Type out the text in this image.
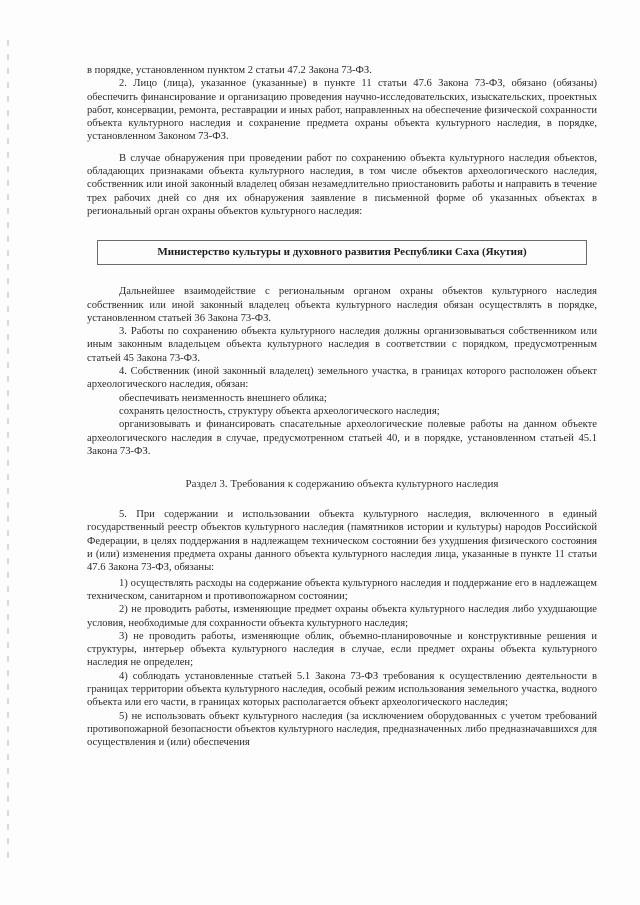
в порядке, установленном пунктом 2 статьи 47.2 Закона 73-ФЗ.

2. Лицо (лица), указанное (указанные) в пункте 11 статьи 47.6 Закона 73-ФЗ, обязано (обязаны) обеспечить финансирование и организацию проведения научно-исследовательских, изыскательских, проектных работ, консервации, ремонта, реставрации и иных работ, направленных на обеспечение физической сохранности объекта культурного наследия и сохранение предмета охраны объекта культурного наследия, в порядке, установленном Законом 73-ФЗ.

В случае обнаружения при проведении работ по сохранению объекта культурного наследия объектов, обладающих признаками объекта культурного наследия, в том числе объектов археологического наследия, собственник или иной законный владелец обязан незамедлительно приостановить работы и направить в течение трех рабочих дней со дня их обнаружения заявление в письменной форме об указанных объектах в региональный орган охраны объектов культурного наследия:

Министерство культуры и духовного развития Республики Саха (Якутия)

Дальнейшее взаимодействие с региональным органом охраны объектов культурного наследия собственник или иной законный владелец объекта культурного наследия обязан осуществлять в порядке, установленном статьей 36 Закона 73-ФЗ.

3. Работы по сохранению объекта культурного наследия должны организовываться собственником или иным законным владельцем объекта культурного наследия в соответствии с порядком, предусмотренным статьей 45 Закона 73-ФЗ.

4. Собственник (иной законный владелец) земельного участка, в границах которого расположен объект археологического наследия, обязан:

обеспечивать неизменность внешнего облика;

сохранять целостность, структуру объекта археологического наследия;

организовывать и финансировать спасательные археологические полевые работы на данном объекте археологического наследия в случае, предусмотренном статьей 40, и в порядке, установленном статьей 45.1 Закона 73-ФЗ.

Раздел 3. Требования к содержанию объекта культурного наследия

5. При содержании и использовании объекта культурного наследия, включенного в единый государственный реестр объектов культурного наследия (памятников истории и культуры) народов Российской Федерации, в целях поддержания в надлежащем техническом состоянии без ухудшения физического состояния и (или) изменения предмета охраны данного объекта культурного наследия лица, указанные в пункте 11 статьи 47.6 Закона 73-ФЗ, обязаны:

1) осуществлять расходы на содержание объекта культурного наследия и поддержание его в надлежащем техническом, санитарном и противопожарном состоянии;

2) не проводить работы, изменяющие предмет охраны объекта культурного наследия либо ухудшающие условия, необходимые для сохранности объекта культурного наследия;

3) не проводить работы, изменяющие облик, объемно-планировочные и конструктивные решения и структуры, интерьер объекта культурного наследия в случае, если предмет охраны объекта культурного наследия не определен;

4) соблюдать установленные статьей 5.1 Закона 73-ФЗ требования к осуществлению деятельности в границах территории объекта культурного наследия, особый режим использования земельного участка, водного объекта или его части, в границах которых располагается объект археологического наследия;

5) не использовать объект культурного наследия (за исключением оборудованных с учетом требований противопожарной безопасности объектов культурного наследия, предназначенных либо предназначавшихся для осуществления и (или) обеспечения
